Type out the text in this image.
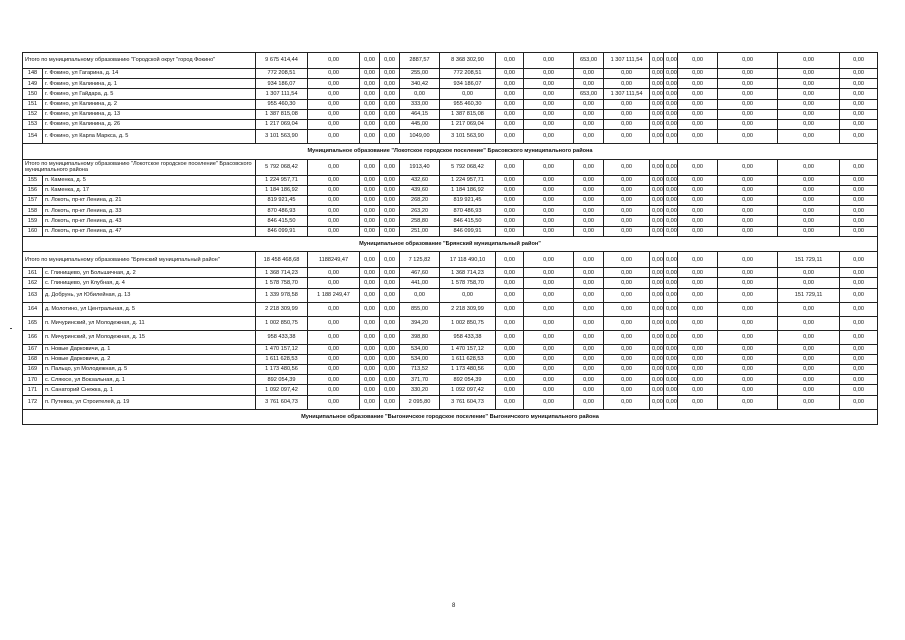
Итого по муниципальному образованию "Городской округ "город Фокино"		9 675 414,44	0,00	0,00	0,00	2887,57	8 368 302,90	0,00	0,00	653,00	1 307 111,54	0,00	0,00	0,00	0,00	0,00	0,00
148	г. Фокино, ул Гагарина, д. 14	772 208,51	0,00	0,00	0,00	255,00	772 208,51	0,00	0,00	0,00	0,00	0,00	0,00	0,00	0,00	0,00	0,00
149	г. Фокино, ул Калинина, д. 1	934 186,07	0,00	0,00	0,00	340,42	934 186,07	0,00	0,00	0,00	0,00	0,00	0,00	0,00	0,00	0,00	0,00
150	г. Фокино, ул Гайдара, д. 5	1 307 111,54	0,00	0,00	0,00	0,00	0,00	0,00	0,00	653,00	1 307 111,54	0,00	0,00	0,00	0,00	0,00	0,00
151	г. Фокино, ул Калинина, д. 2	955 460,30	0,00	0,00	0,00	333,00	955 460,30	0,00	0,00	0,00	0,00	0,00	0,00	0,00	0,00	0,00	0,00
152	г. Фокино, ул Калинина, д. 13	1 387 815,08	0,00	0,00	0,00	464,15	1 387 815,08	0,00	0,00	0,00	0,00	0,00	0,00	0,00	0,00	0,00	0,00
153	г. Фокино, ул Калинина, д. 26	1 217 069,04	0,00	0,00	0,00	445,00	1 217 069,04	0,00	0,00	0,00	0,00	0,00	0,00	0,00	0,00	0,00	0,00
154	г. Фокино, ул Карла Маркса, д. 5	3 101 563,90	0,00	0,00	0,00	1049,00	3 101 563,90	0,00	0,00	0,00	0,00	0,00	0,00	0,00	0,00	0,00	0,00
Муниципальное образование "Локотское городское поселение" Брасовского муниципального района																	
Итого по муниципальному образованию "Локотское городское поселение" Брасовского муниципального района		5 792 068,42	0,00	0,00	0,00	1913,40	5 792 068,42	0,00	0,00	0,00	0,00	0,00	0,00	0,00	0,00	0,00	0,00
155	п. Каменка, д. 5	1 224 957,71	0,00	0,00	0,00	432,60	1 224 957,71	0,00	0,00	0,00	0,00	0,00	0,00	0,00	0,00	0,00	0,00
156	п. Каменка, д. 17	1 184 186,92	0,00	0,00	0,00	439,60	1 184 186,92	0,00	0,00	0,00	0,00	0,00	0,00	0,00	0,00	0,00	0,00
157	п. Локоть, пр-кт Ленина, д. 21	819 921,45	0,00	0,00	0,00	268,20	819 921,45	0,00	0,00	0,00	0,00	0,00	0,00	0,00	0,00	0,00	0,00
158	п. Локоть, пр-кт Ленина, д. 33	870 486,93	0,00	0,00	0,00	263,20	870 486,93	0,00	0,00	0,00	0,00	0,00	0,00	0,00	0,00	0,00	0,00
159	п. Локоть, пр-кт Ленина, д. 43	846 415,50	0,00	0,00	0,00	258,80	846 415,50	0,00	0,00	0,00	0,00	0,00	0,00	0,00	0,00	0,00	0,00
160	п. Локоть, пр-кт Ленина, д. 47	846 099,91	0,00	0,00	0,00	251,00	846 099,91	0,00	0,00	0,00	0,00	0,00	0,00	0,00	0,00	0,00	0,00
Муниципальное образование "Брянский муниципальный район"																	
Итого по муниципальному образованию "Брянский муниципальный район"		18 458 468,68	1188249,47	0,00	0,00	7 125,82	17 118 490,10	0,00	0,00	0,00	0,00	0,00	0,00	0,00	0,00	151 729,11	0,00
161	с. Глинищево, ул Большичная, д. 2	1 368 714,23	0,00	0,00	0,00	467,60	1 368 714,23	0,00	0,00	0,00	0,00	0,00	0,00	0,00	0,00	0,00	0,00
162	с. Глинищево, ул Клубная, д. 4	1 578 758,70	0,00	0,00	0,00	441,00	1 578 758,70	0,00	0,00	0,00	0,00	0,00	0,00	0,00	0,00	0,00	0,00
163	д. Добрунь, ул Юбилейная, д. 13	1 339 978,58	1 188 249,47	0,00	0,00	0,00	0,00	0,00	0,00	0,00	0,00	0,00	0,00	0,00	0,00	151 729,11	0,00
164	д. Молотино, ул Центральная, д. 5	2 218 309,99	0,00	0,00	0,00	855,00	2 218 309,99	0,00	0,00	0,00	0,00	0,00	0,00	0,00	0,00	0,00	0,00
165	п. Мичуринский, ул Молодежная, д. 11	1 002 850,75	0,00	0,00	0,00	394,20	1 002 850,75	0,00	0,00	0,00	0,00	0,00	0,00	0,00	0,00	0,00	0,00
166	п. Мичуринский, ул Молодежная, д. 15	958 433,38	0,00	0,00	0,00	398,80	958 433,38	0,00	0,00	0,00	0,00	0,00	0,00	0,00	0,00	0,00	0,00
167	п. Новые Дарковичи, д. 1	1 470 157,12	0,00	0,00	0,00	534,00	1 470 157,12	0,00	0,00	0,00	0,00	0,00	0,00	0,00	0,00	0,00	0,00
168	п. Новые Дарковичи, д. 2	1 611 628,53	0,00	0,00	0,00	534,00	1 611 628,53	0,00	0,00	0,00	0,00	0,00	0,00	0,00	0,00	0,00	0,00
169	п. Пальцо, ул Молодежная, д. 5	1 173 480,56	0,00	0,00	0,00	713,52	1 173 480,56	0,00	0,00	0,00	0,00	0,00	0,00	0,00	0,00	0,00	0,00
170	с. Сляюсе, ул Вокзальная, д. 1	892 054,39	0,00	0,00	0,00	371,70	892 054,39	0,00	0,00	0,00	0,00	0,00	0,00	0,00	0,00	0,00	0,00
171	п. Санаторий Снежка, д. 1	1 092 097,42	0,00	0,00	0,00	330,20	1 092 097,42	0,00	0,00	0,00	0,00	0,00	0,00	0,00	0,00	0,00	0,00
172	п. Путевка, ул Строителей, д. 19	3 761 604,73	0,00	0,00	0,00	2 095,80	3 761 604,73	0,00	0,00	0,00	0,00	0,00	0,00	0,00	0,00	0,00	0,00
Муниципальное образование "Выгоничское городское поселение" Выгоничского муниципального района																	
8
